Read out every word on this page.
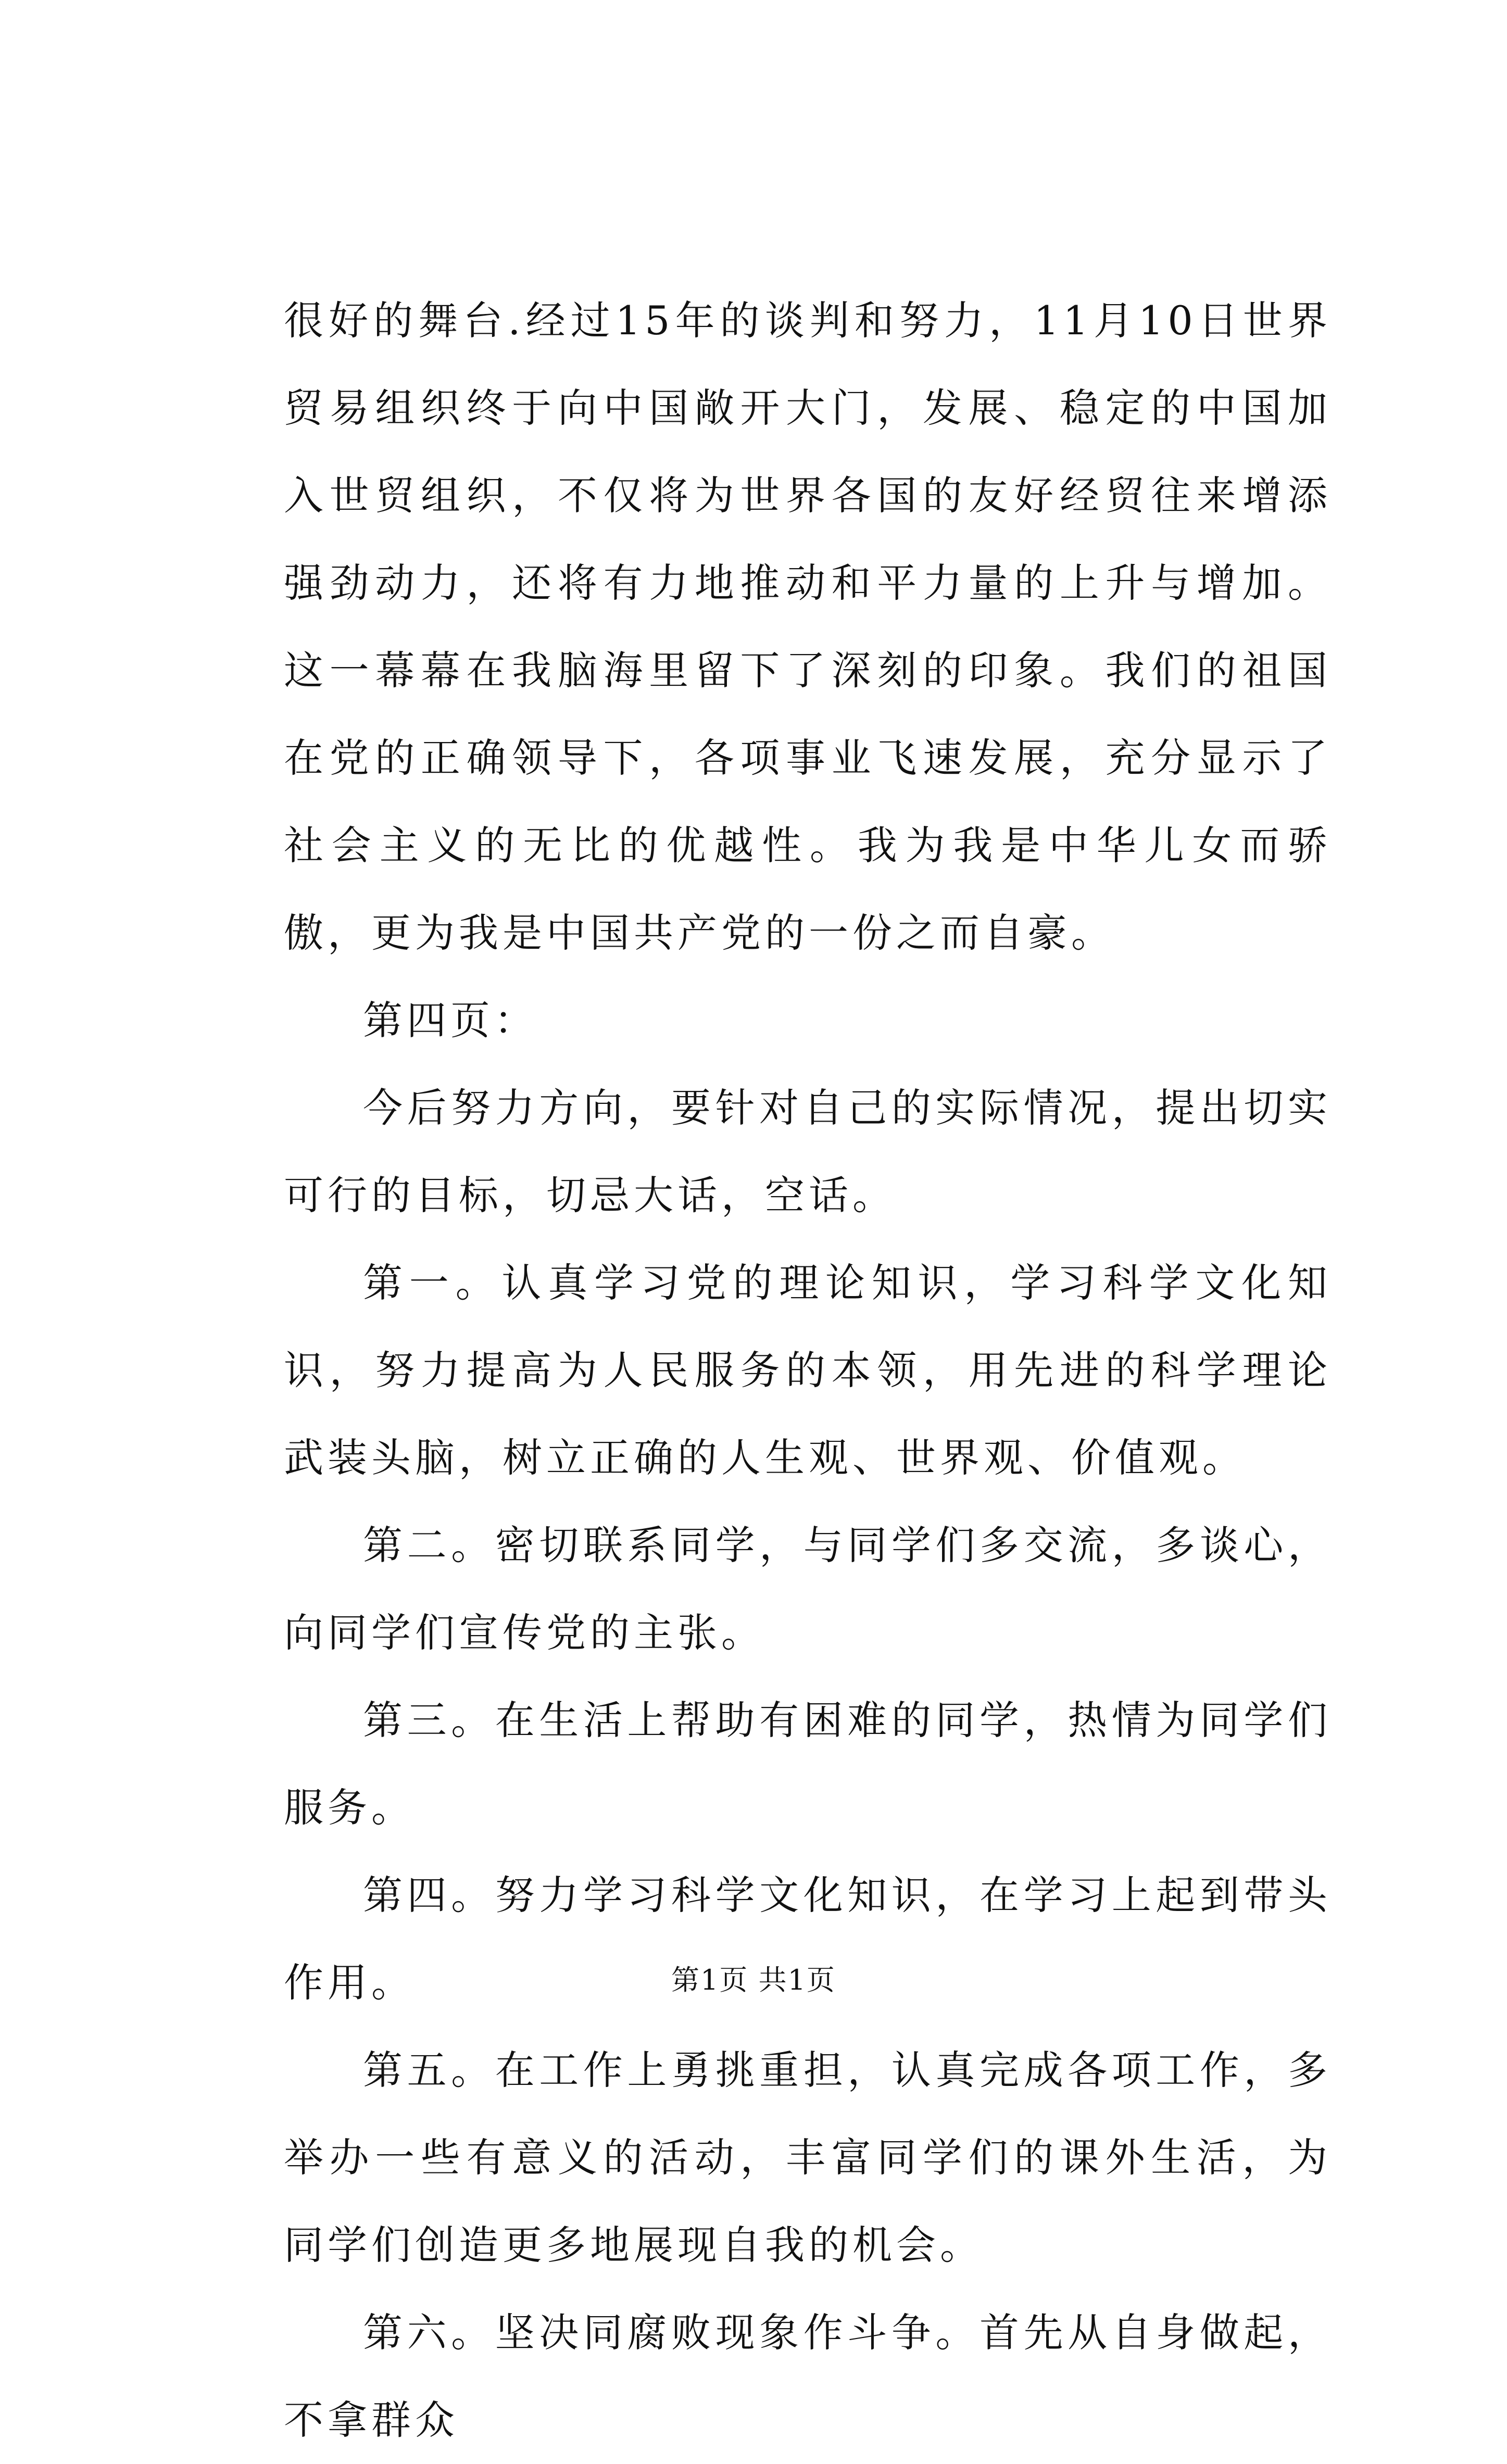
很好的舞台.经过15年的谈判和努力，11月10日世界贸易组织终于向中国敞开大门，发展、稳定的中国加入世贸组织，不仅将为世界各国的友好经贸往来增添强劲动力，还将有力地推动和平力量的上升与增加。这一幕幕在我脑海里留下了深刻的印象。我们的祖国在党的正确领导下，各项事业飞速发展，充分显示了社会主义的无比的优越性。我为我是中华儿女而骄傲，更为我是中国共产党的一份之而自豪。

第四页：

今后努力方向，要针对自己的实际情况，提出切实可行的目标，切忌大话，空话。

第一。认真学习党的理论知识，学习科学文化知识，努力提高为人民服务的本领，用先进的科学理论武装头脑，树立正确的人生观、世界观、价值观。

第二。密切联系同学，与同学们多交流，多谈心，向同学们宣传党的主张。

第三。在生活上帮助有困难的同学，热情为同学们服务。

第四。努力学习科学文化知识，在学习上起到带头作用。

第五。在工作上勇挑重担，认真完成各项工作，多举办一些有意义的活动，丰富同学们的课外生活，为同学们创造更多地展现自我的机会。

第六。坚决同腐败现象作斗争。首先从自身做起，不拿群众

第1页 共1页
